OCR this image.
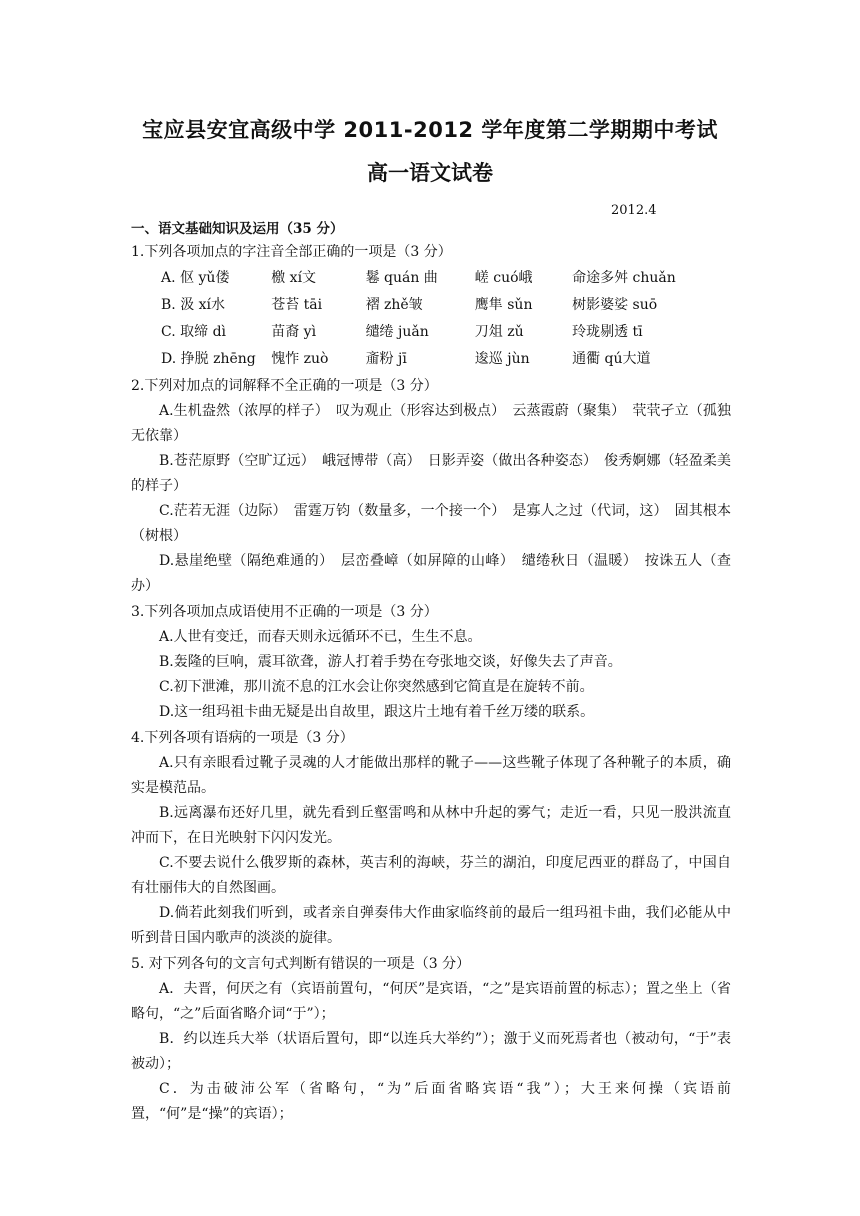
宝应县安宜高级中学 2011-2012 学年度第二学期期中考试
高一语文试卷
2012.4
一、语文基础知识及运用（35 分）

1.下列各项加点的字注音全部正确的一项是（3 分）

A. 伛 yǔ偻	檄 xí文	鬈 quán 曲	嵯 cuó峨	命途多舛 chuǎn
B. 汲 xí水	苍苔 tāi	褶 zhě皱	鹰隼 sǔn	树影婆娑 suō
C. 取缔 dì	苗裔 yì	缱绻 juǎn	刀俎 zǔ	玲珑剔透 tī
D. 挣脱 zhēng	愧怍 zuò	齑粉 jī	逡巡 jùn	通衢 qú大道

2.下列对加点的词解释不全正确的一项是（3 分）

A.生机盎然（浓厚的样子）　叹为观止（形容达到极点）　云蒸霞蔚（聚集）　茕茕孑立（孤独无依靠）

B.苍茫原野（空旷辽远）　峨冠博带（高）　日影弄姿（做出各种姿态）　俊秀婀娜（轻盈柔美的样子）

C.茫若无涯（边际）　雷霆万钧（数量多，一个接一个）　是寡人之过（代词，这）　固其根本（树根）

D.悬崖绝壁（隔绝难通的）　层峦叠嶂（如屏障的山峰）　缱绻秋日（温暖）　按诛五人（查办）

3.下列各项加点成语使用不正确的一项是（3 分）

A.人世有变迁，而春天则永远循环不已，生生不息。

B.轰隆的巨响，震耳欲聋，游人打着手势在夸张地交谈，好像失去了声音。

C.初下泄滩，那川流不息的江水会让你突然感到它简直是在旋转不前。

D.这一组玛祖卡曲无疑是出自故里，跟这片土地有着千丝万缕的联系。

4.下列各项有语病的一项是（3 分）

A.只有亲眼看过靴子灵魂的人才能做出那样的靴子——这些靴子体现了各种靴子的本质，确实是模范品。

B.远离瀑布还好几里，就先看到丘壑雷鸣和从林中升起的雾气；走近一看，只见一股洪流直冲而下，在日光映射下闪闪发光。

C.不要去说什么俄罗斯的森林，英吉利的海峡，芬兰的湖泊，印度尼西亚的群岛了，中国自有壮丽伟大的自然图画。

D.倘若此刻我们听到，或者亲自弹奏伟大作曲家临终前的最后一组玛祖卡曲，我们必能从中听到昔日国内歌声的淡淡的旋律。

5. 对下列各句的文言句式判断有错误的一项是（3 分）

A．夫晋，何厌之有（宾语前置句，“何厌”是宾语，“之”是宾语前置的标志）；置之坐上（省略句，“之”后面省略介词“于”）；

B．约以连兵大举（状语后置句，即“以连兵大举约”）；激于义而死焉者也（被动句，“于”表被动）；

C．为击破沛公军（省略句，“为”后面省略宾语“我”）；大王来何操（宾语前置，“何”是“操”的宾语）；
